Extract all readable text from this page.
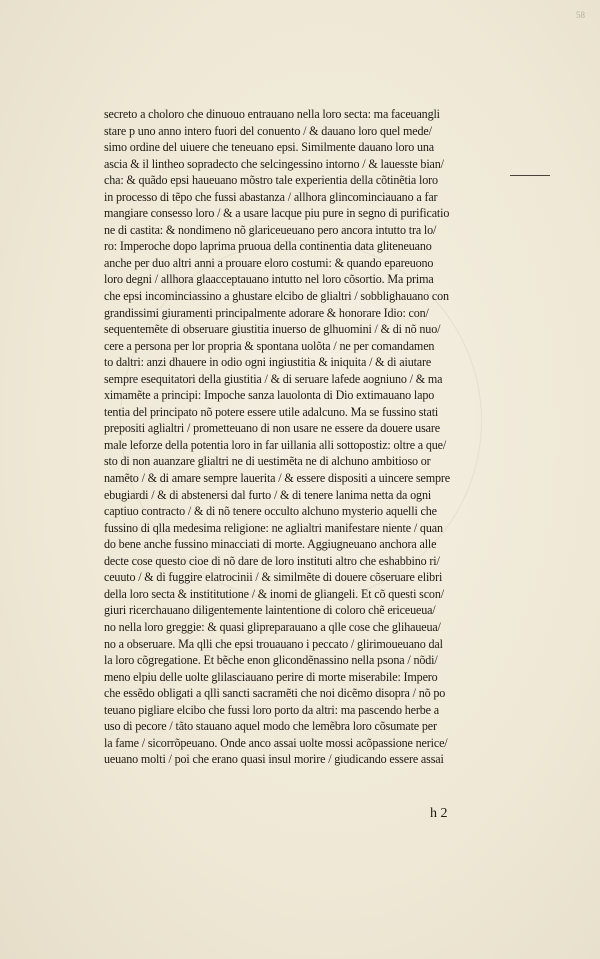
58
secreto a choloro che dinuouo entrauano nella loro secta: ma faceuangli
stare p uno anno intero fuori del conuento / & dauano loro quel mede/
simo ordine del uiuere che teneuano epsi. Similmente dauano loro una
ascia & il lintheo sopradecto che selcingessino intorno / & lauesste bian/
cha: & quãdo epsi haueuano mõstro tale experientia della cõtinẽtia loro
in processo di tẽpo che fussi abastanza / allhora glincominciauano a far
mangiare consesso loro / & a usare lacque piu pure in segno di purificatio
ne di castita: & nondimeno nõ glariceueuano pero ancora intutto tra lo/
ro: Imperoche dopo laprima pruoua della continentia data gliteneuano
anche per duo altri anni a prouare eloro costumi: & quando epareuono
loro degni / allhora glaacceptauano intutto nel loro cõsortio. Ma prima
che epsi incominciassino a ghustare elcibo de glialtri / sobblighauano con
grandissimi giuramenti principalmente adorare & honorare Idio: con/
sequentemẽte di obseruare giustitia inuerso de glhuomini / & di nõ nuo/
cere a persona per lor propria & spontana uolõta / ne per comandamen
to daltri: anzi dhauere in odio ogni ingiustitia & iniquita / & di aiutare
sempre esequitatori della giustitia / & di seruare lafede aogniuno / & ma
ximamẽte a principi: Impoche sanza lauolonta di Dio extimauano lapo
tentia del principato nõ potere essere utile adalcuno. Ma se fussino stati
prepositi aglialtri / prometteuano di non usare ne essere da douere usare
male leforze della potentia loro in far uillania alli sottopostiz: oltre a que/
sto di non auanzare glialtri ne di uestimẽta ne di alchuno ambitioso or
namẽto / & di amare sempre lauerita / & essere dispositi a uincere sempre
ebugiardi / & di abstenersi dal furto / & di tenere lanima netta da ogni
captiuo contracto / & di nõ tenere occulto alchuno mysterio aquelli che
fussino di qlla medesima religione: ne aglialtri manifestare niente / quan
do bene anche fussino minacciati di morte. Aggiugneuano anchora alle
decte cose questo cioe di nõ dare de loro instituti altro che eshabbino ri/
ceuuto / & di fuggire elatrocinii / & similmẽte di douere cõseruare elibri
della loro secta & instititutione / & inomi de gliangeli. Et cõ questi scon/
giuri ricerchauano diligentemente laintentione di coloro chẽ ericeueua/
no nella loro greggie: & quasi glipreparauano a qlle cose che glihaueua/
no a obseruare. Ma qlli che epsi trouauano i peccato / glirimoueuano dal
la loro cõgregatione. Et bẽche enon glicondẽnassino nella psona / nõdi/
meno elpiu delle uolte glilasciauano perire di morte miserabile: Impero
che essẽdo obligati a qlli sancti sacramẽti che noi dicẽmo disopra / nõ po
teuano pigliare elcibo che fussi loro porto da altri: ma pascendo herbe a
uso di pecore / tãto stauano aquel modo che lemẽbra loro cõsumate per
la fame / sicorrõpeuano. Onde anco assai uolte mossi acõpassione nerice/
ueuano molti / poi che erano quasi insul morire / giudicando essere assai
h 2
